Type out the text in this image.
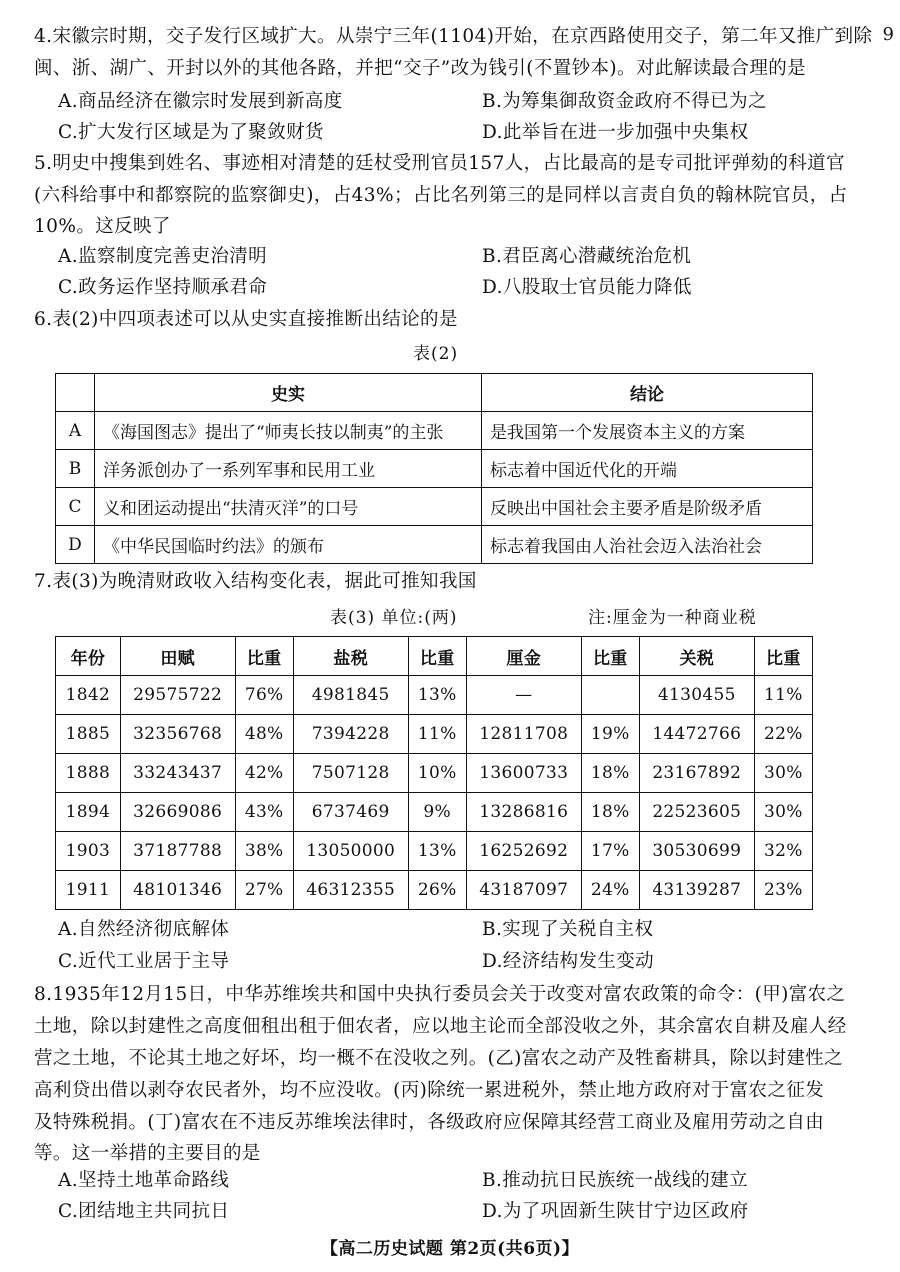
9
4.宋徽宗时期，交子发行区域扩大。从崇宁三年(1104)开始，在京西路使用交子，第二年又推广到除
闽、浙、湖广、开封以外的其他各路，并把“交子”改为钱引(不置钞本)。对此解读最合理的是
A.商品经济在徽宗时发展到新高度	B.为筹集御敌资金政府不得已为之
C.扩大发行区域是为了聚敛财货	D.此举旨在进一步加强中央集权
5.明史中搜集到姓名、事迹相对清楚的廷杖受刑官员157人，占比最高的是专司批评弹劾的科道官
(六科给事中和都察院的监察御史)，占43%；占比名列第三的是同样以言责自负的翰林院官员，占
10%。这反映了
A.监察制度完善吏治清明	B.君臣离心潜藏统治危机
C.政务运作坚持顺承君命	D.八股取士官员能力降低
6.表(2)中四项表述可以从史实直接推断出结论的是
表(2)
	史实	结论
A	《海国图志》提出了“师夷长技以制夷”的主张	是我国第一个发展资本主义的方案
B	洋务派创办了一系列军事和民用工业	标志着中国近代化的开端
C	义和团运动提出“扶清灭洋”的口号	反映出中国社会主要矛盾是阶级矛盾
D	《中华民国临时约法》的颁布	标志着我国由人治社会迈入法治社会
7.表(3)为晚清财政收入结构变化表，据此可推知我国
表(3) 单位:(两)	注:厘金为一种商业税
年份	田赋	比重	盐税	比重	厘金	比重	关税	比重
1842	29575722	76%	4981845	13%	—		4130455	11%
1885	32356768	48%	7394228	11%	12811708	19%	14472766	22%
1888	33243437	42%	7507128	10%	13600733	18%	23167892	30%
1894	32669086	43%	6737469	9%	13286816	18%	22523605	30%
1903	37187788	38%	13050000	13%	16252692	17%	30530699	32%
1911	48101346	27%	46312355	26%	43187097	24%	43139287	23%
A.自然经济彻底解体	B.实现了关税自主权
C.近代工业居于主导	D.经济结构发生变动
8.1935年12月15日，中华苏维埃共和国中央执行委员会关于改变对富农政策的命令：(甲)富农之
土地，除以封建性之高度佃租出租于佃农者，应以地主论而全部没收之外，其余富农自耕及雇人经
营之土地，不论其土地之好坏，均一概不在没收之列。(乙)富农之动产及牲畜耕具，除以封建性之
高利贷出借以剥夺农民者外，均不应没收。(丙)除统一累进税外，禁止地方政府对于富农之征发
及特殊税捐。(丁)富农在不违反苏维埃法律时，各级政府应保障其经营工商业及雇用劳动之自由
等。这一举措的主要目的是
A.坚持土地革命路线	B.推动抗日民族统一战线的建立
C.团结地主共同抗日	D.为了巩固新生陕甘宁边区政府
【高二历史试题 第2页(共6页)】
